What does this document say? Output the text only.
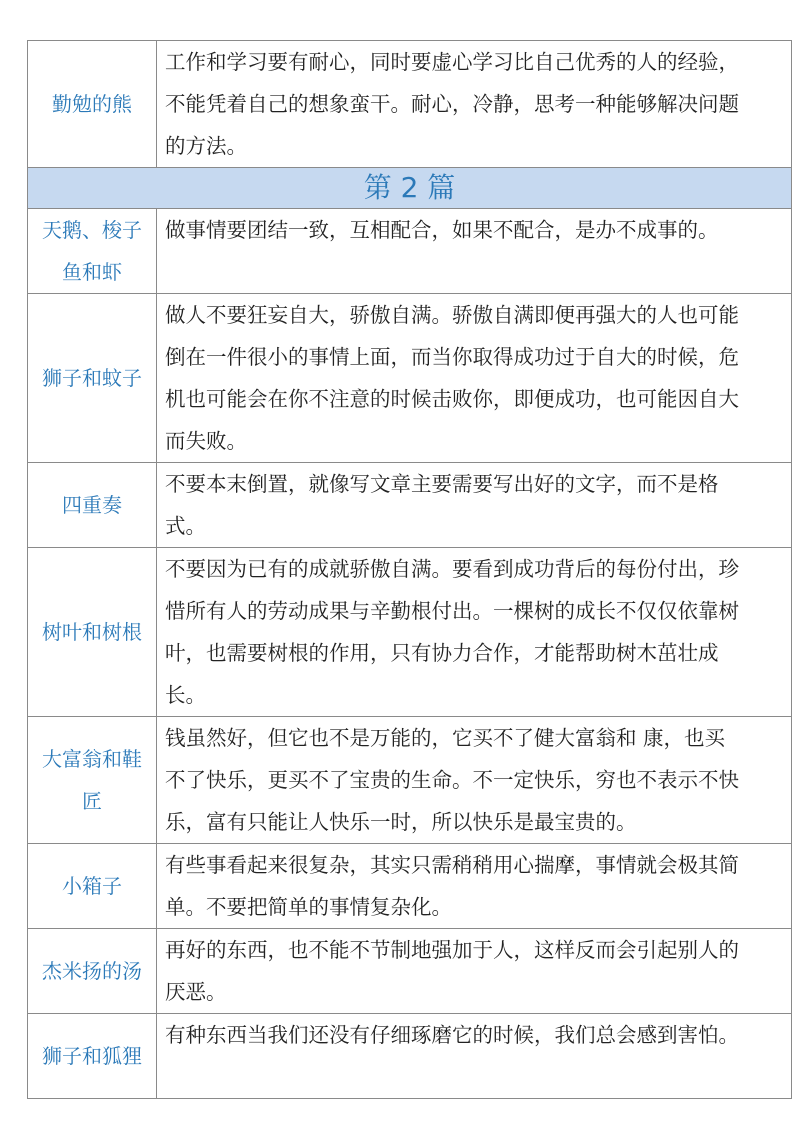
勤勉的熊	工作和学习要有耐心，同时要虚心学习比自己优秀的人的经验，
不能凭着自己的想象蛮干。耐心，冷静，思考一种能够解决问题
的方法。

第 2 篇	
天鹅、梭子鱼和虾	做事情要团结一致，互相配合，如果不配合，是办不成事的。

狮子和蚊子	做人不要狂妄自大，骄傲自满。骄傲自满即便再强大的人也可能
倒在一件很小的事情上面，而当你取得成功过于自大的时候，危
机也可能会在你不注意的时候击败你，即便成功，也可能因自大
而失败。

四重奏	不要本末倒置，就像写文章主要需要写出好的文字，而不是格
式。

树叶和树根	不要因为已有的成就骄傲自满。要看到成功背后的每份付出，珍
惜所有人的劳动成果与辛勤根付出。一棵树的成长不仅仅依靠树
叶，也需要树根的作用，只有协力合作，才能帮助树木茁壮成
长。

大富翁和鞋匠	钱虽然好，但它也不是万能的，它买不了健大富翁和 康，也买
不了快乐，更买不了宝贵的生命。不一定快乐，穷也不表示不快
乐，富有只能让人快乐一时，所以快乐是最宝贵的。

小箱子	有些事看起来很复杂，其实只需稍稍用心揣摩，事情就会极其简
单。不要把简单的事情复杂化。

杰米扬的汤	再好的东西，也不能不节制地强加于人，这样反而会引起别人的
厌恶。

狮子和狐狸	有种东西当我们还没有仔细琢磨它的时候，我们总会感到害怕。
